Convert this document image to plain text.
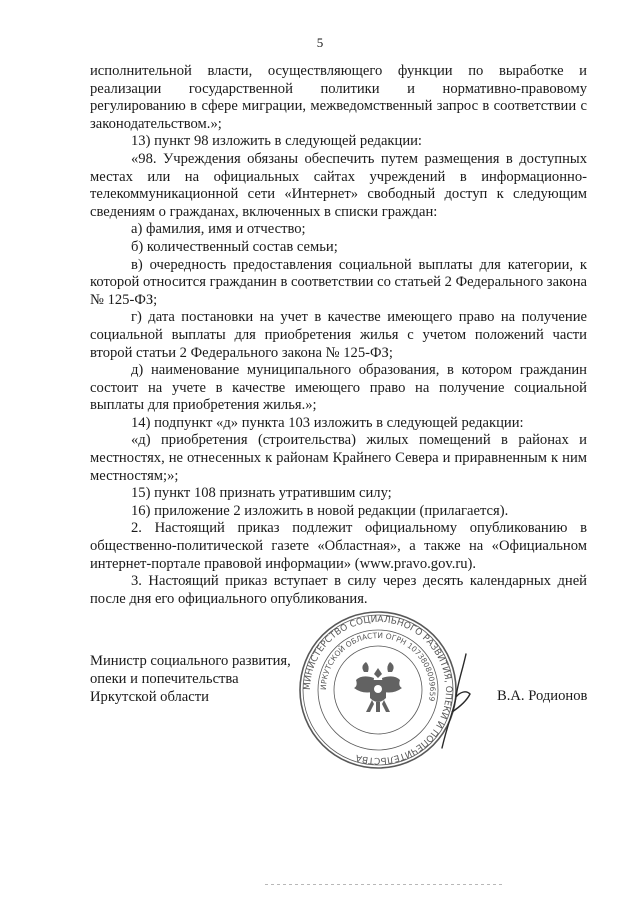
5

исполнительной власти, осуществляющего функции по выработке и реализации государственной политики и нормативно-правовому регулированию в сфере миграции, межведомственный запрос в соответствии с законодательством.»;

13) пункт 98 изложить в следующей редакции:

«98. Учреждения обязаны обеспечить путем размещения в доступных местах или на официальных сайтах учреждений в информационно-телекоммуникационной сети «Интернет» свободный доступ к следующим сведениям о гражданах, включенных в списки граждан:

а) фамилия, имя и отчество;

б) количественный состав семьи;

в) очередность предоставления социальной выплаты для категории, к которой относится гражданин в соответствии со статьей 2 Федерального закона № 125-ФЗ;

г) дата постановки на учет в качестве имеющего право на получение социальной выплаты для приобретения жилья с учетом положений части второй статьи 2 Федерального закона № 125-ФЗ;

д) наименование муниципального образования, в котором гражданин состоит на учете в качестве имеющего право на получение социальной выплаты для приобретения жилья.»;

14) подпункт «д» пункта 103 изложить в следующей редакции:

«д) приобретения (строительства) жилых помещений в районах и местностях, не отнесенных к районам Крайнего Севера и приравненным к ним местностям;»;

15) пункт 108 признать утратившим силу;

16) приложение 2 изложить в новой редакции (прилагается).

2. Настоящий приказ подлежит официальному опубликованию в общественно-политической газете «Областная», а также на «Официальном интернет-портале правовой информации» (www.pravo.gov.ru).

3. Настоящий приказ вступает в силу через десять календарных дней после дня его официального опубликования.

Министр социального развития,
опеки и попечительства
Иркутской области
МИНИСТЕРСТВО СОЦИАЛЬНОГО РАЗВИТИЯ, ОПЕКИ И ПОПЕЧИТЕЛЬСТВА
ИРКУТСКОЙ ОБЛАСТИ ОГРН 1073808009659	В.А. Родионов
